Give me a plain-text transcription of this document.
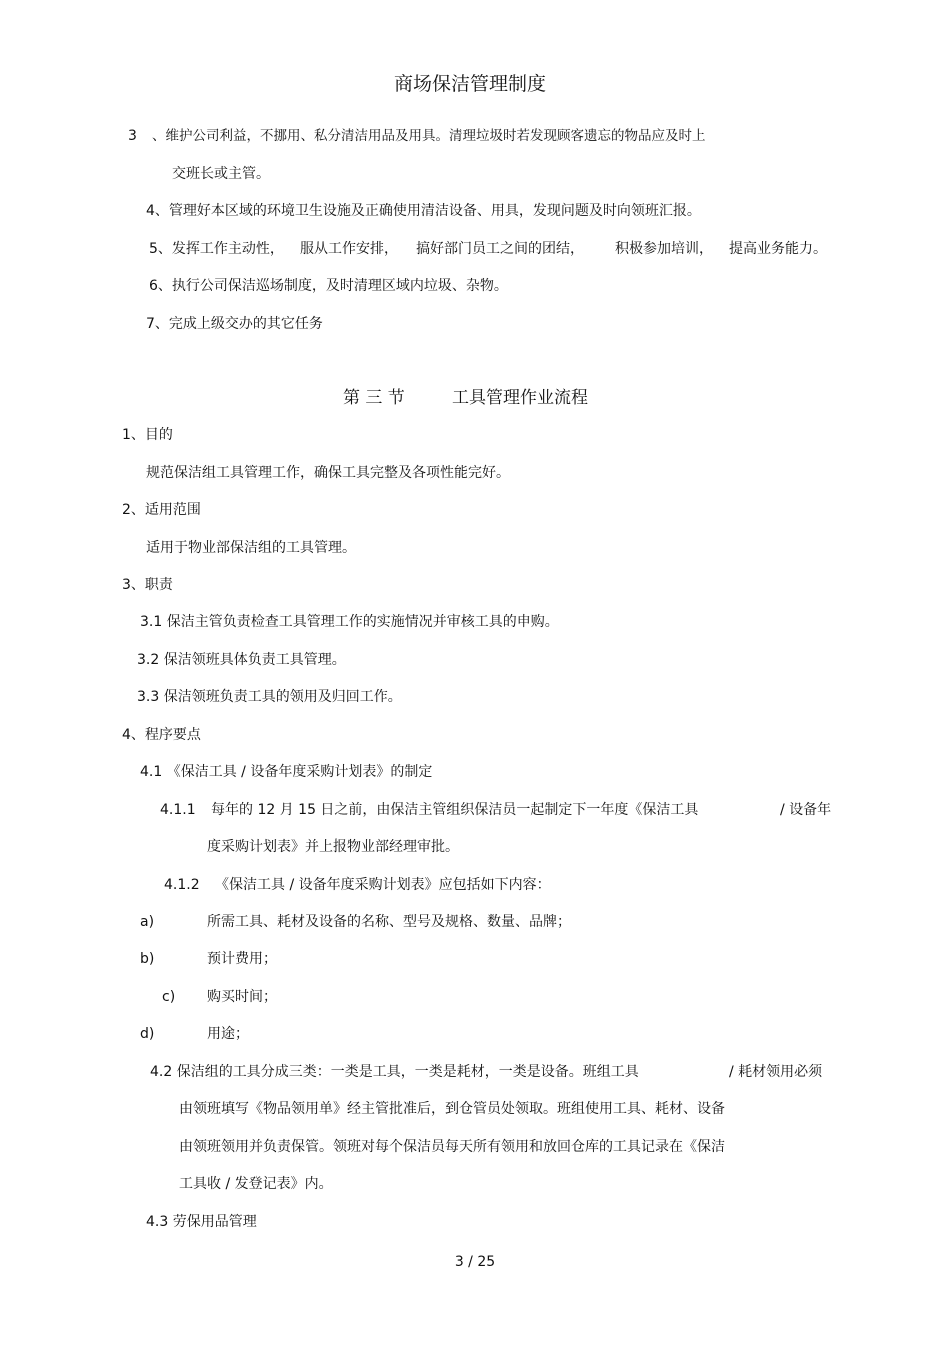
商场保洁管理制度
3 、维护公司利益，不挪用、私分清洁用品及用具。清理垃圾时若发现顾客遗忘的物品应及时上
交班长或主管。
4、管理好本区域的环境卫生设施及正确使用清洁设备、用具，发现问题及时向领班汇报。
5、发挥工作主动性， 服从工作安排， 搞好部门员工之间的团结， 积极参加培训， 提高业务能力。
6、执行公司保洁巡场制度，及时清理区域内垃圾、杂物。
7、完成上级交办的其它任务
第 三 节	工具管理作业流程
1、目的
规范保洁组工具管理工作，确保工具完整及各项性能完好。
2、适用范围
适用于物业部保洁组的工具管理。
3、职责
3.1 保洁主管负责检查工具管理工作的实施情况并审核工具的申购。
3.2 保洁领班具体负责工具管理。
3.3 保洁领班负责工具的领用及归回工作。
4、程序要点
4.1 《保洁工具 / 设备年度采购计划表》的制定
4.1.1 每年的 12 月 15 日之前，由保洁主管组织保洁员一起制定下一年度《保洁工具	/ 设备年
度采购计划表》并上报物业部经理审批。
4.1.2 《保洁工具 / 设备年度采购计划表》应包括如下内容：
a)	所需工具、耗材及设备的名称、型号及规格、数量、品牌；
b)	预计费用；
c) 购买时间；
d)	用途；
4.2 保洁组的工具分成三类：一类是工具，一类是耗材，一类是设备。班组工具	/ 耗材领用必须
由领班填写《物品领用单》经主管批准后，到仓管员处领取。班组使用工具、耗材、设备
由领班领用并负责保管。领班对每个保洁员每天所有领用和放回仓库的工具记录在《保洁
工具收 / 发登记表》内。
4.3 劳保用品管理
3 / 25
